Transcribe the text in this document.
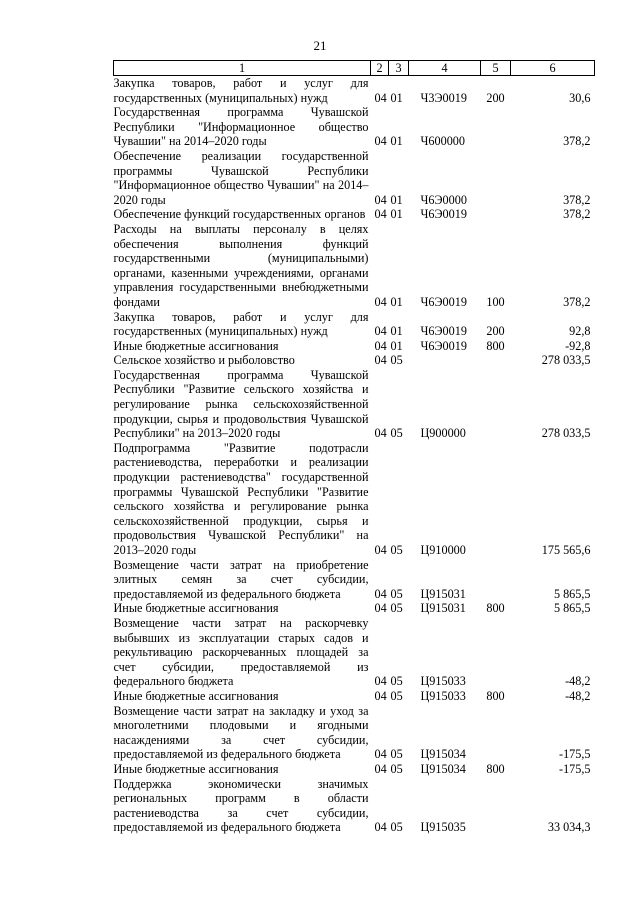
21
1	2	3	4	5	6
Закупка товаров, работ и услуг для государственных (муниципальных) нужд	04	01	Ч3Э0019	200	30,6
Государственная программа Чувашской Республики "Информационное общество Чувашии" на 2014–2020 годы	04	01	Ч600000		378,2
Обеспечение реализации государственной программы Чувашской Республики "Информационное общество Чувашии" на 2014–2020 годы	04	01	Ч6Э0000		378,2
Обеспечение функций государственных органов	04	01	Ч6Э0019		378,2
Расходы на выплаты персоналу в целях обеспечения выполнения функций государственными (муниципальными) органами, казенными учреждениями, органами управления государственными внебюджетными фондами	04	01	Ч6Э0019	100	378,2
Закупка товаров, работ и услуг для государственных (муниципальных) нужд	04	01	Ч6Э0019	200	92,8
Иные бюджетные ассигнования	04	01	Ч6Э0019	800	-92,8
Сельское хозяйство и рыболовство	04	05			278 033,5
Государственная программа Чувашской Республики "Развитие сельского хозяйства и регулирование рынка сельскохозяйственной продукции, сырья и продовольствия Чувашской Республики" на 2013–2020 годы	04	05	Ц900000		278 033,5
Подпрограмма "Развитие подотрасли растениеводства, переработки и реализации продукции растениеводства" государственной программы Чувашской Республики "Развитие сельского хозяйства и регулирование рынка сельскохозяйственной продукции, сырья и продовольствия Чувашской Республики" на 2013–2020 годы	04	05	Ц910000		175 565,6
Возмещение части затрат на приобретение элитных семян за счет субсидии, предоставляемой из федерального бюджета	04	05	Ц915031		5 865,5
Иные бюджетные ассигнования	04	05	Ц915031	800	5 865,5
Возмещение части затрат на раскорчевку выбывших из эксплуатации старых садов и рекультивацию раскорчеванных площадей за счет субсидии, предоставляемой из федерального бюджета	04	05	Ц915033		-48,2
Иные бюджетные ассигнования	04	05	Ц915033	800	-48,2
Возмещение части затрат на закладку и уход за многолетними плодовыми и ягодными насаждениями за счет субсидии, предоставляемой из федерального бюджета	04	05	Ц915034		-175,5
Иные бюджетные ассигнования	04	05	Ц915034	800	-175,5
Поддержка экономически значимых региональных программ в области растениеводства за счет субсидии, предоставляемой из федерального бюджета	04	05	Ц915035		33 034,3
